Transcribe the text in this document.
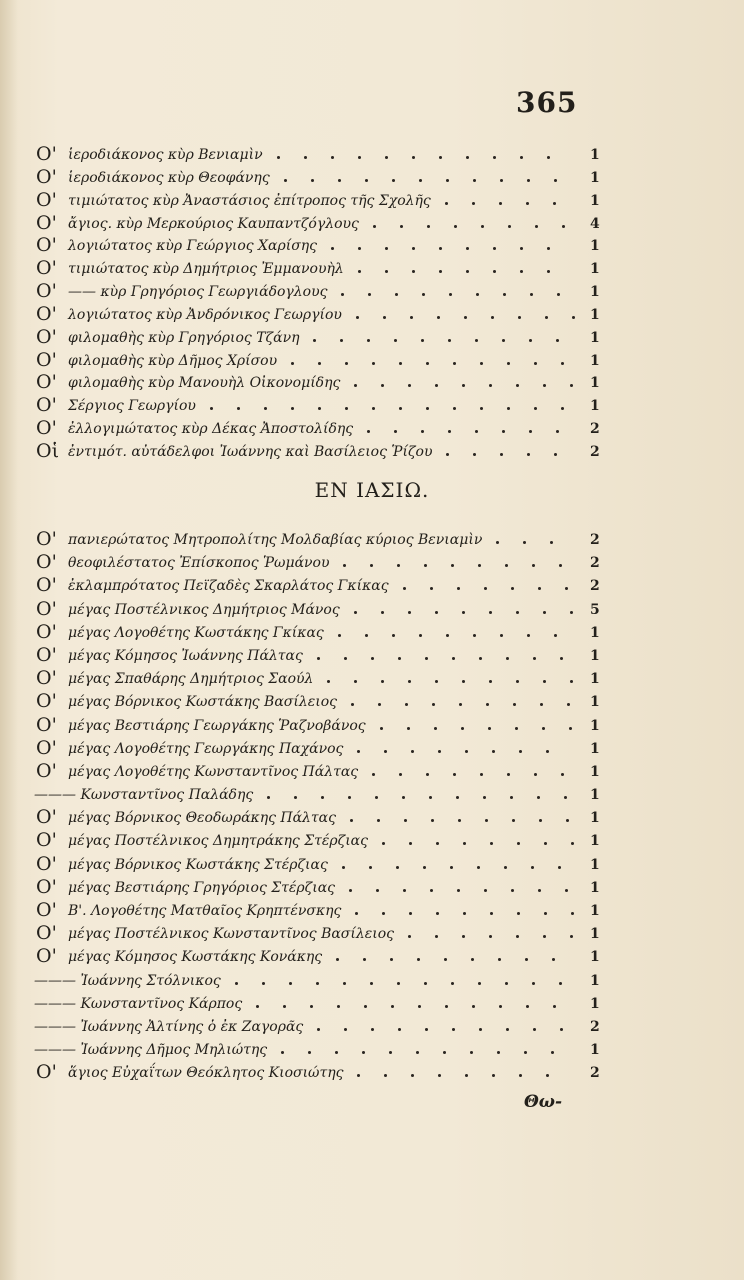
365
Ο' ἱεροδιάκονος κὺρ Βενιαμὶν	1
Ο' ἱεροδιάκονος κὺρ Θεοφάνης	1
Ο' τιμιώτατος κὺρ Ἀναστάσιος ἐπίτροπος τῆς Σχολῆς	1
Ο' ἄγιος. κὺρ Μερκούριος Καυπαντζόγλους	4
Ο' λογιώτατος κὺρ Γεώργιος Χαρίσης	1
Ο' τιμιώτατος κὺρ Δημήτριος Ἐμμανουὴλ	1
Ο' —— κὺρ Γρηγόριος Γεωργιάδογλους	1
Ο' λογιώτατος κὺρ Ἀνδρόνικος Γεωργίου	1
Ο' φιλομαθὴς κὺρ Γρηγόριος Τζάνη	1
Ο' φιλομαθὴς κὺρ Δῆμος Χρίσου	1
Ο' φιλομαθὴς κὺρ Μανουὴλ Οἰκονομίδης	1
Ο' Σέργιος Γεωργίου	1
Ο' ἐλλογιμώτατος κὺρ Δέκας Ἀποστολίδης	2
Οἱ ἐντιμότ. αὐτάδελφοι Ἰωάννης καὶ Βασίλειος Ῥίζου	2
ΕΝ ΙΑΣΙΩ.
Ο' πανιερώτατος Μητροπολίτης Μολδαβίας κύριος Βενιαμὶν	2
Ο' θεοφιλέστατος Ἐπίσκοπος Ῥωμάνου	2
Ο' ἐκλαμπρότατος Πεϊζαδὲς Σκαρλάτος Γκίκας	2
Ο' μέγας Ποστέλνικος Δημήτριος Μάνος	5
Ο' μέγας Λογοθέτης Κωστάκης Γκίκας	1
Ο' μέγας Κόμησος Ἰωάννης Πάλτας	1
Ο' μέγας Σπαθάρης Δημήτριος Σαούλ	1
Ο' μέγας Βόρνικος Κωστάκης Βασίλειος	1
Ο' μέγας Βεστιάρης Γεωργάκης Ῥαζνοβάνος	1
Ο' μέγας Λογοθέτης Γεωργάκης Παχάνος	1
Ο' μέγας Λογοθέτης Κωνσταντῖνος Πάλτας	1
——— Κωνσταντῖνος Παλάδης	1
Ο' μέγας Βόρνικος Θεοδωράκης Πάλτας	1
Ο' μέγας Ποστέλνικος Δημητράκης Στέρζιας	1
Ο' μέγας Βόρνικος Κωστάκης Στέρζιας	1
Ο' μέγας Βεστιάρης Γρηγόριος Στέρζιας	1
Ο' Β'. Λογοθέτης Ματθαῖος Κρηπτένσκης	1
Ο' μέγας Ποστέλνικος Κωνσταντῖνος Βασίλειος	1
Ο' μέγας Κόμησος Κωστάκης Κονάκης	1
——— Ἰωάννης Στόλνικος	1
——— Κωνσταντῖνος Κάρπος	1
——— Ἰωάννης Ἀλτίνης ὁ ἐκ Ζαγορᾶς	2
——— Ἰωάννης Δῆμος Μηλιώτης	1
Ο' ἅγιος Εὐχαΐτων Θεόκλητος Κιοσιώτης	2
Θω-
